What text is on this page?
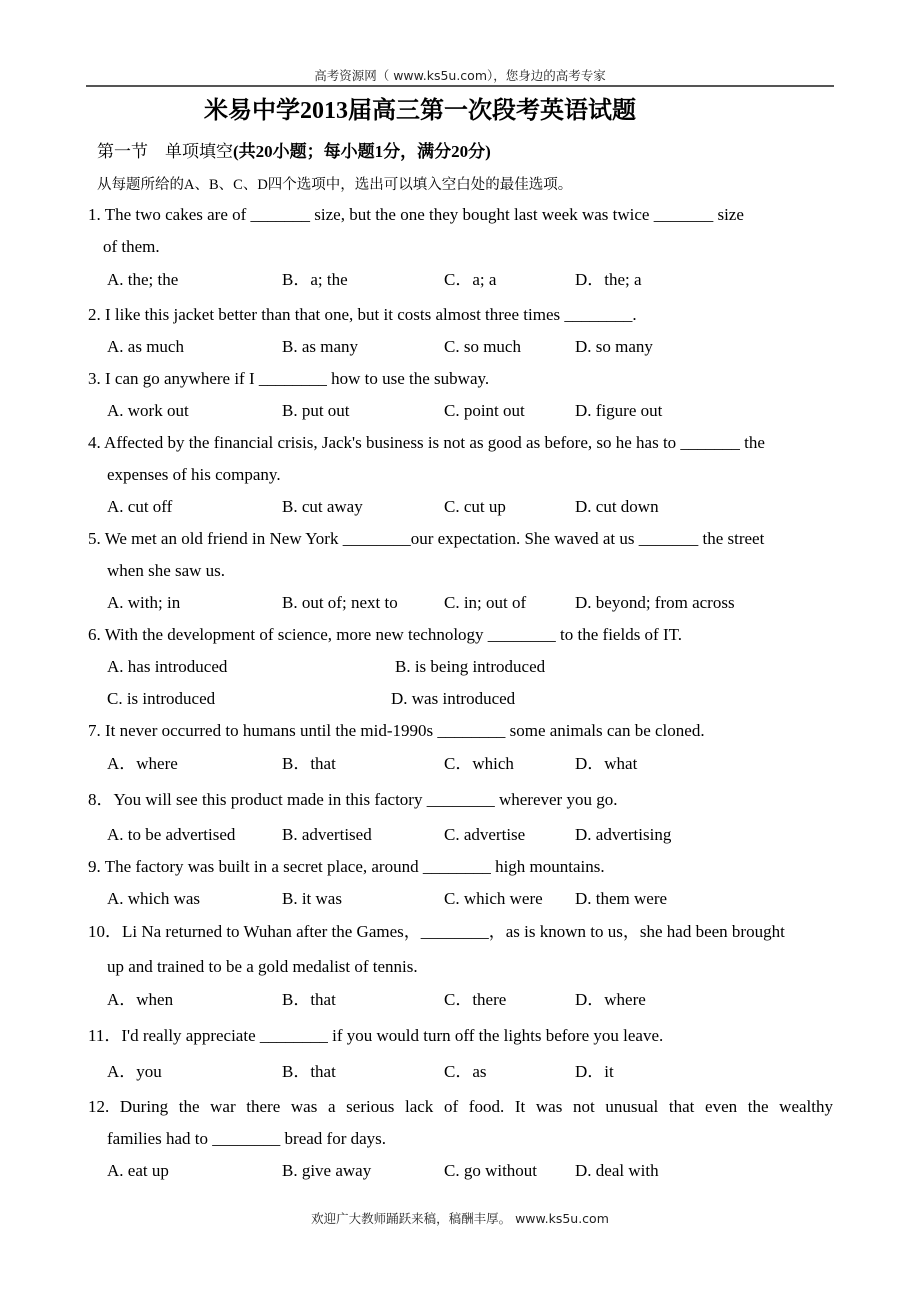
高考资源网（ www.ks5u.com），您身边的高考专家
米易中学2013届高三第一次段考英语试题
第一节　单项填空(共20小题；每小题1分，满分20分)
从每题所给的A、B、C、D四个选项中，选出可以填入空白处的最佳选项。
1. The two cakes are of _______ size, but the one they bought last week was twice _______ size
of them.
A. the; the	B．a; the	C．a; a	D．the; a
2. I like this jacket better than that one, but it costs almost three times ________.
A. as much	B. as many	C. so much	D. so many
3. I can go anywhere if I ________ how to use the subway.
A. work out	B. put out	C. point out	D. figure out
4. Affected by the financial crisis, Jack's business is not as good as before, so he has to _______ the
expenses of his company.
A. cut off	B. cut away	C. cut up	D. cut down
5. We met an old friend in New York ________our expectation. She waved at us _______ the street
when she saw us.
A. with; in	B. out of; next to	C. in; out of	D. beyond; from across
6. With the development of science, more new technology ________ to the fields of IT.
A. has introduced	B. is being introduced
C. is introduced	D. was introduced
7. It never occurred to humans until the mid-1990s ________ some animals can be cloned.
A．where	B．that	C．which	D．what
8．You will see this product made in this factory ________ wherever you go.
A. to be advertised	B. advertised	C. advertise	D. advertising
9. The factory was built in a secret place, around ________ high mountains.
A. which was	B. it was	C. which were D. them were
10．Li Na returned to Wuhan after the Games，________，as is known to us，she had been brought
up and trained to be a gold medalist of tennis.
A．when	B．that	C．there	D．where
11．I'd really appreciate ________ if you would turn off the lights before you leave.
A．you	B．that	C．as	D．it
12. During the war there was a serious lack of food. It was not unusual that even the wealthy
families had to ________ bread for days.
A. eat up	B. give away	C. go without D. deal with
欢迎广大教师踊跃来稿，稿酬丰厚。 www.ks5u.com
